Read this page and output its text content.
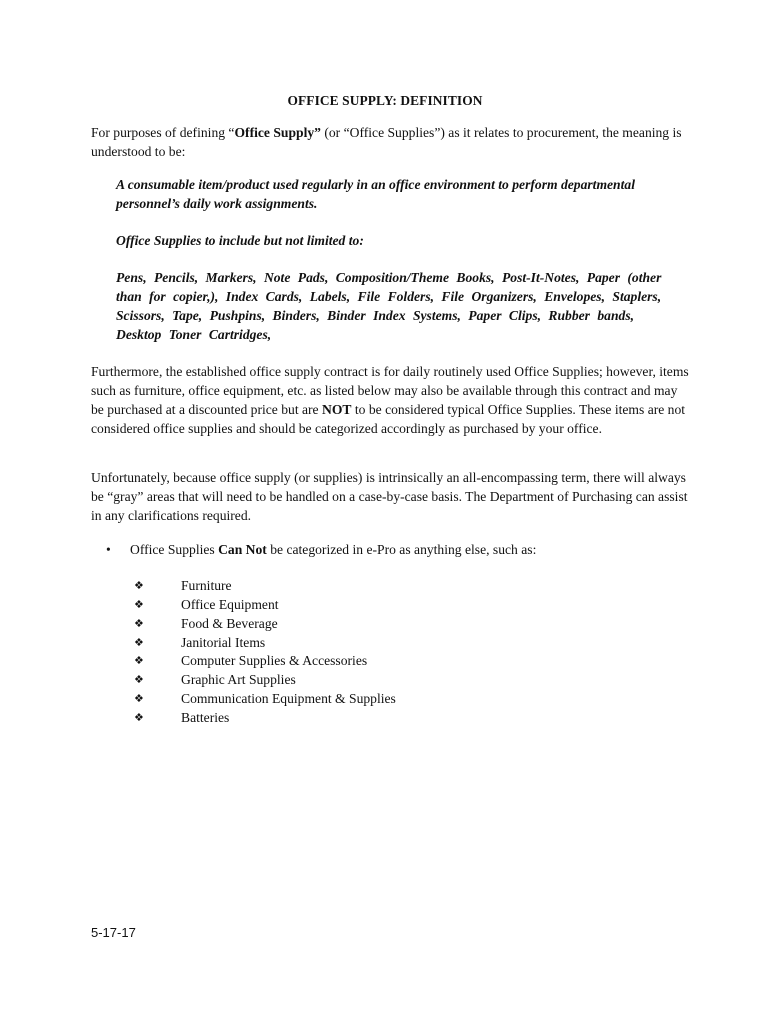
OFFICE SUPPLY: DEFINITION

For purposes of defining “Office Supply” (or “Office Supplies”) as it relates to procurement, the meaning is understood to be:

A consumable item/product used regularly in an office environment to perform departmental personnel’s daily work assignments.

Office Supplies to include but not limited to:

Pens, Pencils, Markers, Note Pads, Composition/Theme Books, Post-It-Notes, Paper (other than for copier,), Index Cards, Labels, File Folders, File Organizers, Envelopes, Staplers, Scissors, Tape, Pushpins, Binders, Binder Index Systems, Paper Clips, Rubber bands, Desktop Toner Cartridges,

Furthermore, the established office supply contract is for daily routinely used Office Supplies; however, items such as furniture, office equipment, etc. as listed below may also be available through this contract and may be purchased at a discounted price but are NOT to be considered typical Office Supplies. These items are not considered office supplies and should be categorized accordingly as purchased by your office.

Unfortunately, because office supply (or supplies) is intrinsically an all-encompassing term, there will always be “gray” areas that will need to be handled on a case-by-case basis. The Department of Purchasing can assist in any clarifications required.

•	Office Supplies Can Not be categorized in e-Pro as anything else, such as:
❖	Furniture
❖	Office Equipment
❖	Food & Beverage
❖	Janitorial Items
❖	Computer Supplies & Accessories
❖	Graphic Art Supplies
❖	Communication Equipment & Supplies
❖	Batteries
5-17-17
